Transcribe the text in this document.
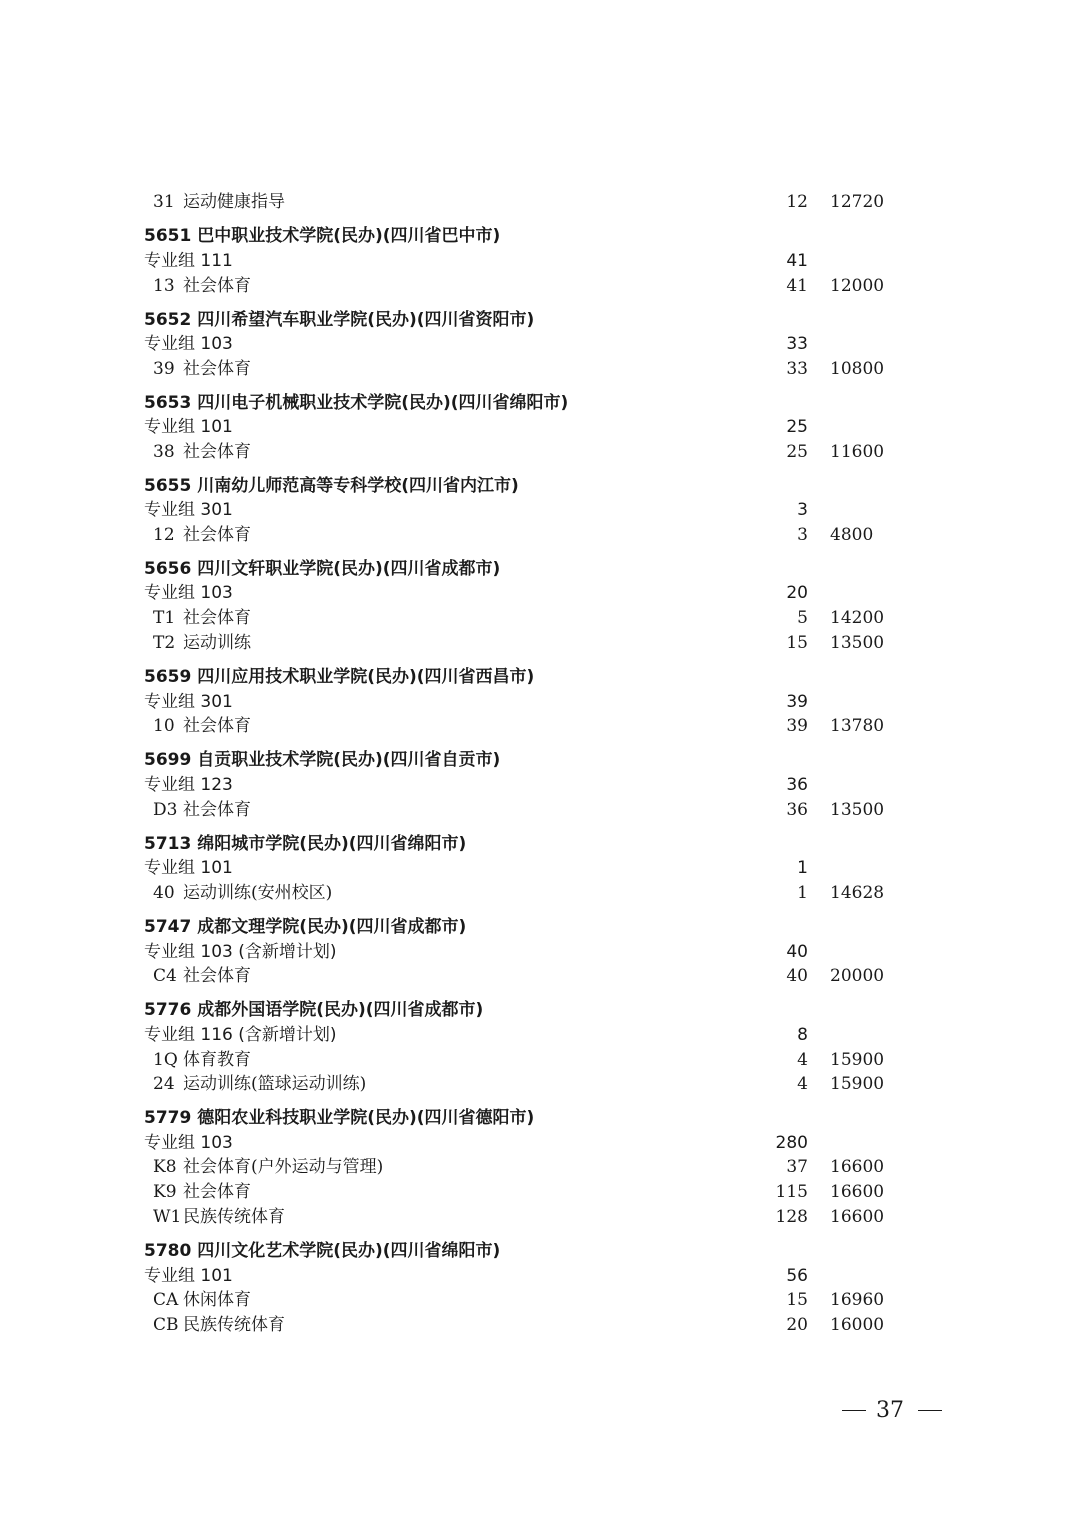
37
31 运动健康指导	12 12720
5651 巴中职业技术学院(民办)(四川省巴中市)
专业组 111	41
13 社会体育	41 12000
5652 四川希望汽车职业学院(民办)(四川省资阳市)
专业组 103	33
39 社会体育	33 10800
5653 四川电子机械职业技术学院(民办)(四川省绵阳市)
专业组 101	25
38 社会体育	25 11600
5655 川南幼儿师范高等专科学校(四川省内江市)
专业组 301	3
12 社会体育	3 4800
5656 四川文轩职业学院(民办)(四川省成都市)
专业组 103	20
T1 社会体育	5 14200
T2 运动训练	15 13500
5659 四川应用技术职业学院(民办)(四川省西昌市)
专业组 301	39
10 社会体育	39 13780
5699 自贡职业技术学院(民办)(四川省自贡市)
专业组 123	36
D3 社会体育	36 13500
5713 绵阳城市学院(民办)(四川省绵阳市)
专业组 101	1
40 运动训练(安州校区)	1 14628
5747 成都文理学院(民办)(四川省成都市)
专业组 103 (含新增计划)	40
C4 社会体育	40 20000
5776 成都外国语学院(民办)(四川省成都市)
专业组 116 (含新增计划)	8
1Q 体育教育	4 15900
24 运动训练(篮球运动训练)	4 15900
5779 德阳农业科技职业学院(民办)(四川省德阳市)
专业组 103	280
K8 社会体育(户外运动与管理)	37 16600
K9 社会体育	115 16600
W1 民族传统体育	128 16600
5780 四川文化艺术学院(民办)(四川省绵阳市)
专业组 101	56
CA 休闲体育	15 16960
CB 民族传统体育	20 16000
